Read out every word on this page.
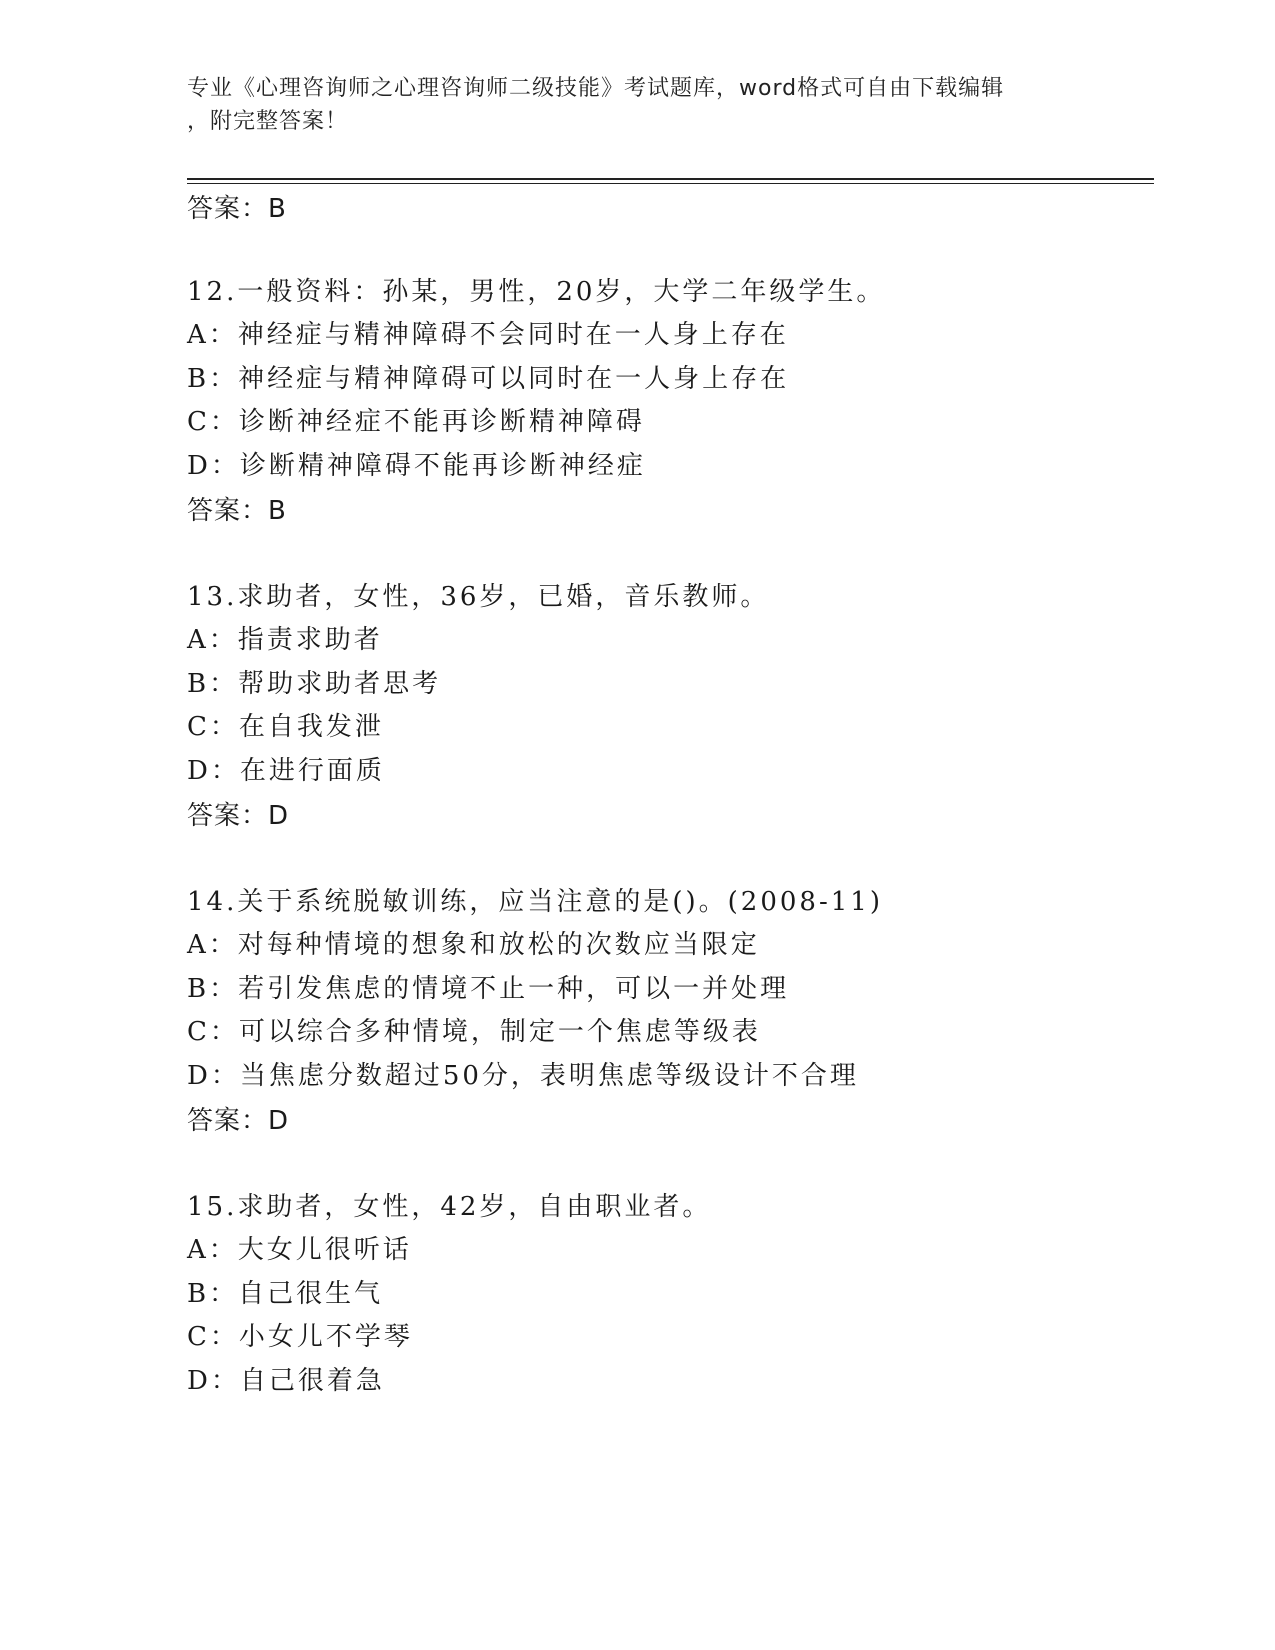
专业《心理咨询师之心理咨询师二级技能》考试题库，word格式可自由下载编辑
，附完整答案！
答案：B
12.一般资料：孙某，男性，20岁，大学二年级学生。
A：神经症与精神障碍不会同时在一人身上存在
B：神经症与精神障碍可以同时在一人身上存在
C：诊断神经症不能再诊断精神障碍
D：诊断精神障碍不能再诊断神经症
答案：B
13.求助者，女性，36岁，已婚，音乐教师。
A：指责求助者
B：帮助求助者思考
C：在自我发泄
D：在进行面质
答案：D
14.关于系统脱敏训练，应当注意的是()。(2008-11)
A：对每种情境的想象和放松的次数应当限定
B：若引发焦虑的情境不止一种，可以一并处理
C：可以综合多种情境，制定一个焦虑等级表
D：当焦虑分数超过50分，表明焦虑等级设计不合理
答案：D
15.求助者，女性，42岁，自由职业者。
A：大女儿很听话
B：自己很生气
C：小女儿不学琴
D：自己很着急
